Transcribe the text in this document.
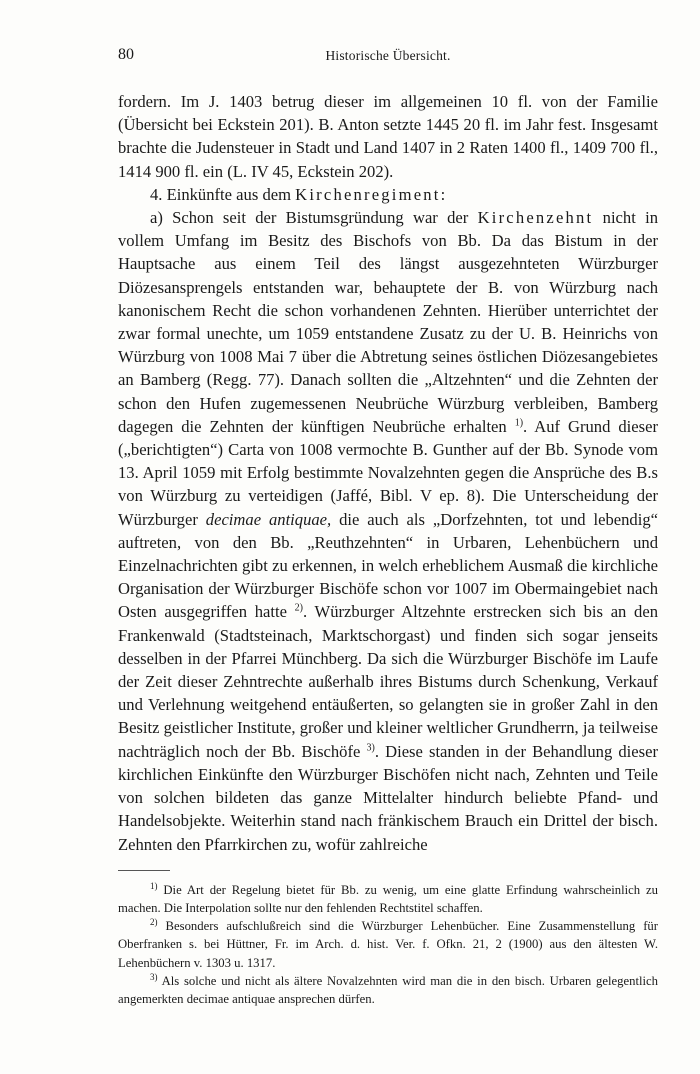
80	Historische Übersicht.

fordern. Im J. 1403 betrug dieser im allgemeinen 10 fl. von der Familie (Übersicht bei Eckstein 201). B. Anton setzte 1445 20 fl. im Jahr fest. Insgesamt brachte die Judensteuer in Stadt und Land 1407 in 2 Raten 1400 fl., 1409 700 fl., 1414 900 fl. ein (L. IV 45, Eckstein 202).

4. Einkünfte aus dem Kirchenregiment:

a) Schon seit der Bistumsgründung war der Kirchenzehnt nicht in vollem Umfang im Besitz des Bischofs von Bb. Da das Bistum in der Hauptsache aus einem Teil des längst ausgezehnteten Würzburger Diözesansprengels entstanden war, behauptete der B. von Würzburg nach kanonischem Recht die schon vorhandenen Zehnten. Hierüber unterrichtet der zwar formal unechte, um 1059 entstandene Zusatz zu der U. B. Heinrichs von Würzburg von 1008 Mai 7 über die Abtretung seines östlichen Diözesangebietes an Bamberg (Regg. 77). Danach sollten die „Altzehnten“ und die Zehnten der schon den Hufen zugemessenen Neubrüche Würzburg verbleiben, Bamberg dagegen die Zehnten der künftigen Neubrüche erhalten $^{1)}$. Auf Grund dieser („berichtigten“) Carta von 1008 vermochte B. Gunther auf der Bb. Synode vom 13. April 1059 mit Erfolg bestimmte Novalzehnten gegen die Ansprüche des B.s von Würzburg zu verteidigen (Jaffé, Bibl. V ep. 8). Die Unterscheidung der Würzburger decimae antiquae, die auch als „Dorfzehnten, tot und lebendig“ auftreten, von den Bb. „Reuthzehnten“ in Urbaren, Lehenbüchern und Einzelnachrichten gibt zu erkennen, in welch erheblichem Ausmaß die kirchliche Organisation der Würzburger Bischöfe schon vor 1007 im Obermaingebiet nach Osten ausgegriffen hatte $^{2)}$. Würzburger Altzehnte erstrecken sich bis an den Frankenwald (Stadtsteinach, Marktschorgast) und finden sich sogar jenseits desselben in der Pfarrei Münchberg. Da sich die Würzburger Bischöfe im Laufe der Zeit dieser Zehntrechte außerhalb ihres Bistums durch Schenkung, Verkauf und Verlehnung weitgehend entäußerten, so gelangten sie in großer Zahl in den Besitz geistlicher Institute, großer und kleiner weltlicher Grundherrn, ja teilweise nachträglich noch der Bb. Bischöfe $^{3)}$. Diese standen in der Behandlung dieser kirchlichen Einkünfte den Würzburger Bischöfen nicht nach, Zehnten und Teile von solchen bildeten das ganze Mittelalter hindurch beliebte Pfand- und Handelsobjekte. Weiterhin stand nach fränkischem Brauch ein Drittel der bisch. Zehnten den Pfarrkirchen zu, wofür zahlreiche

$^{1)}$ Die Art der Regelung bietet für Bb. zu wenig, um eine glatte Erfindung wahrscheinlich zu machen. Die Interpolation sollte nur den fehlenden Rechtstitel schaffen.

$^{2)}$ Besonders aufschlußreich sind die Würzburger Lehenbücher. Eine Zusammenstellung für Oberfranken s. bei Hüttner, Fr. im Arch. d. hist. Ver. f. Ofkn. 21, 2 (1900) aus den ältesten W. Lehenbüchern v. 1303 u. 1317.

$^{3)}$ Als solche und nicht als ältere Novalzehnten wird man die in den bisch. Urbaren gelegentlich angemerkten decimae antiquae ansprechen dürfen.
